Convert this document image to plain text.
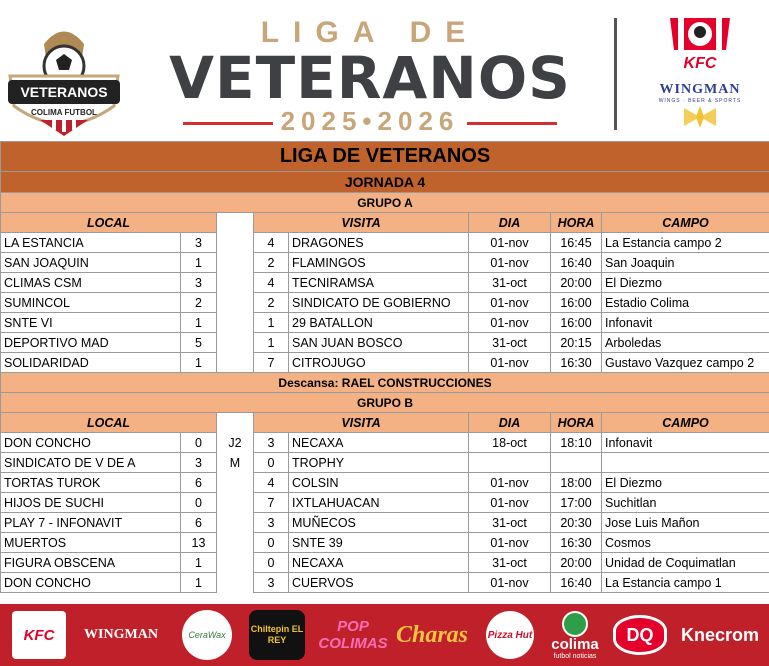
VETERANOS
COLIMA FUTBOL
LIGA DE
VETERANOS
2025•2026
KFC
WINGMAN
WINGS · BEER & SPORTS
LIGA DE VETERANOS							
JORNADA 4							
GRUPO A							
LOCAL			VISITA		DIA	HORA	CAMPO
LA ESTANCIA	3		4	DRAGONES	01-nov	16:45	La Estancia campo 2
SAN JOAQUIN	1		2	FLAMINGOS	01-nov	16:40	San Joaquin
CLIMAS CSM	3		4	TECNIRAMSA	31-oct	20:00	El Diezmo
SUMINCOL	2		2	SINDICATO DE GOBIERNO	01-nov	16:00	Estadio Colima
SNTE VI	1		1	29 BATALLON	01-nov	16:00	Infonavit
DEPORTIVO MAD	5		1	SAN JUAN BOSCO	31-oct	20:15	Arboledas
SOLIDARIDAD	1		7	CITROJUGO	01-nov	16:30	Gustavo Vazquez campo 2
Descansa: RAEL CONSTRUCCIONES							
GRUPO B							
LOCAL			VISITA		DIA	HORA	CAMPO
DON CONCHO	0	J2	3	NECAXA	18-oct	18:10	Infonavit
SINDICATO DE V DE A	3	M	0	TROPHY			
TORTAS TUROK	6		4	COLSIN	01-nov	18:00	El Diezmo
HIJOS DE SUCHI	0		7	IXTLAHUACAN	01-nov	17:00	Suchitlan
PLAY 7 - INFONAVIT	6		3	MUÑECOS	31-oct	20:30	Jose Luis Mañon
MUERTOS	13		0	SNTE 39	01-nov	16:30	Cosmos
FIGURA OBSCENA	1		0	NECAXA	31-oct	20:00	Unidad de Coquimatlan
DON CONCHO	1		3	CUERVOS	01-nov	16:40	La Estancia campo 1
KFC	WINGMAN	CeraWax
Chiltepin EL REY
POP COLIMAS Charas	Pizza Hut
colima
futbol noticias
DQ	Knecrom
